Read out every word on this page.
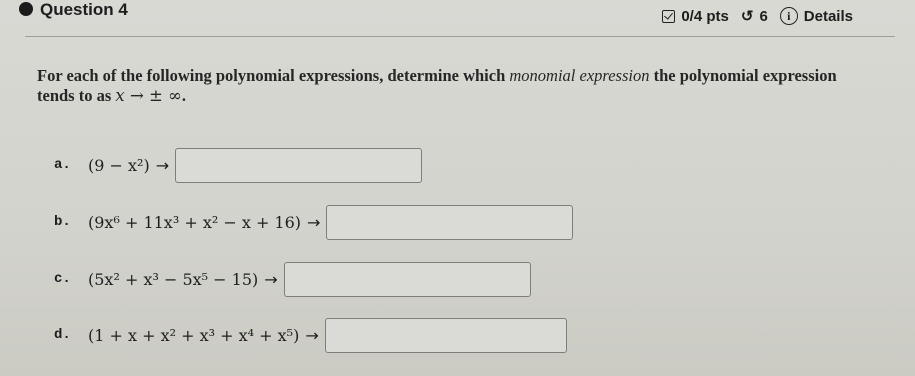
Question 4	0/4 pts ↺ 6	i Details
For each of the following polynomial expressions, determine which monomial expression the polynomial expression tends to as x → ± ∞.
a.	(9 − x²) →
b.	(9x⁶ + 11x³ + x² − x + 16) →
c.	(5x² + x³ − 5x⁵ − 15) →
d.	(1 + x + x² + x³ + x⁴ + x⁵) →
